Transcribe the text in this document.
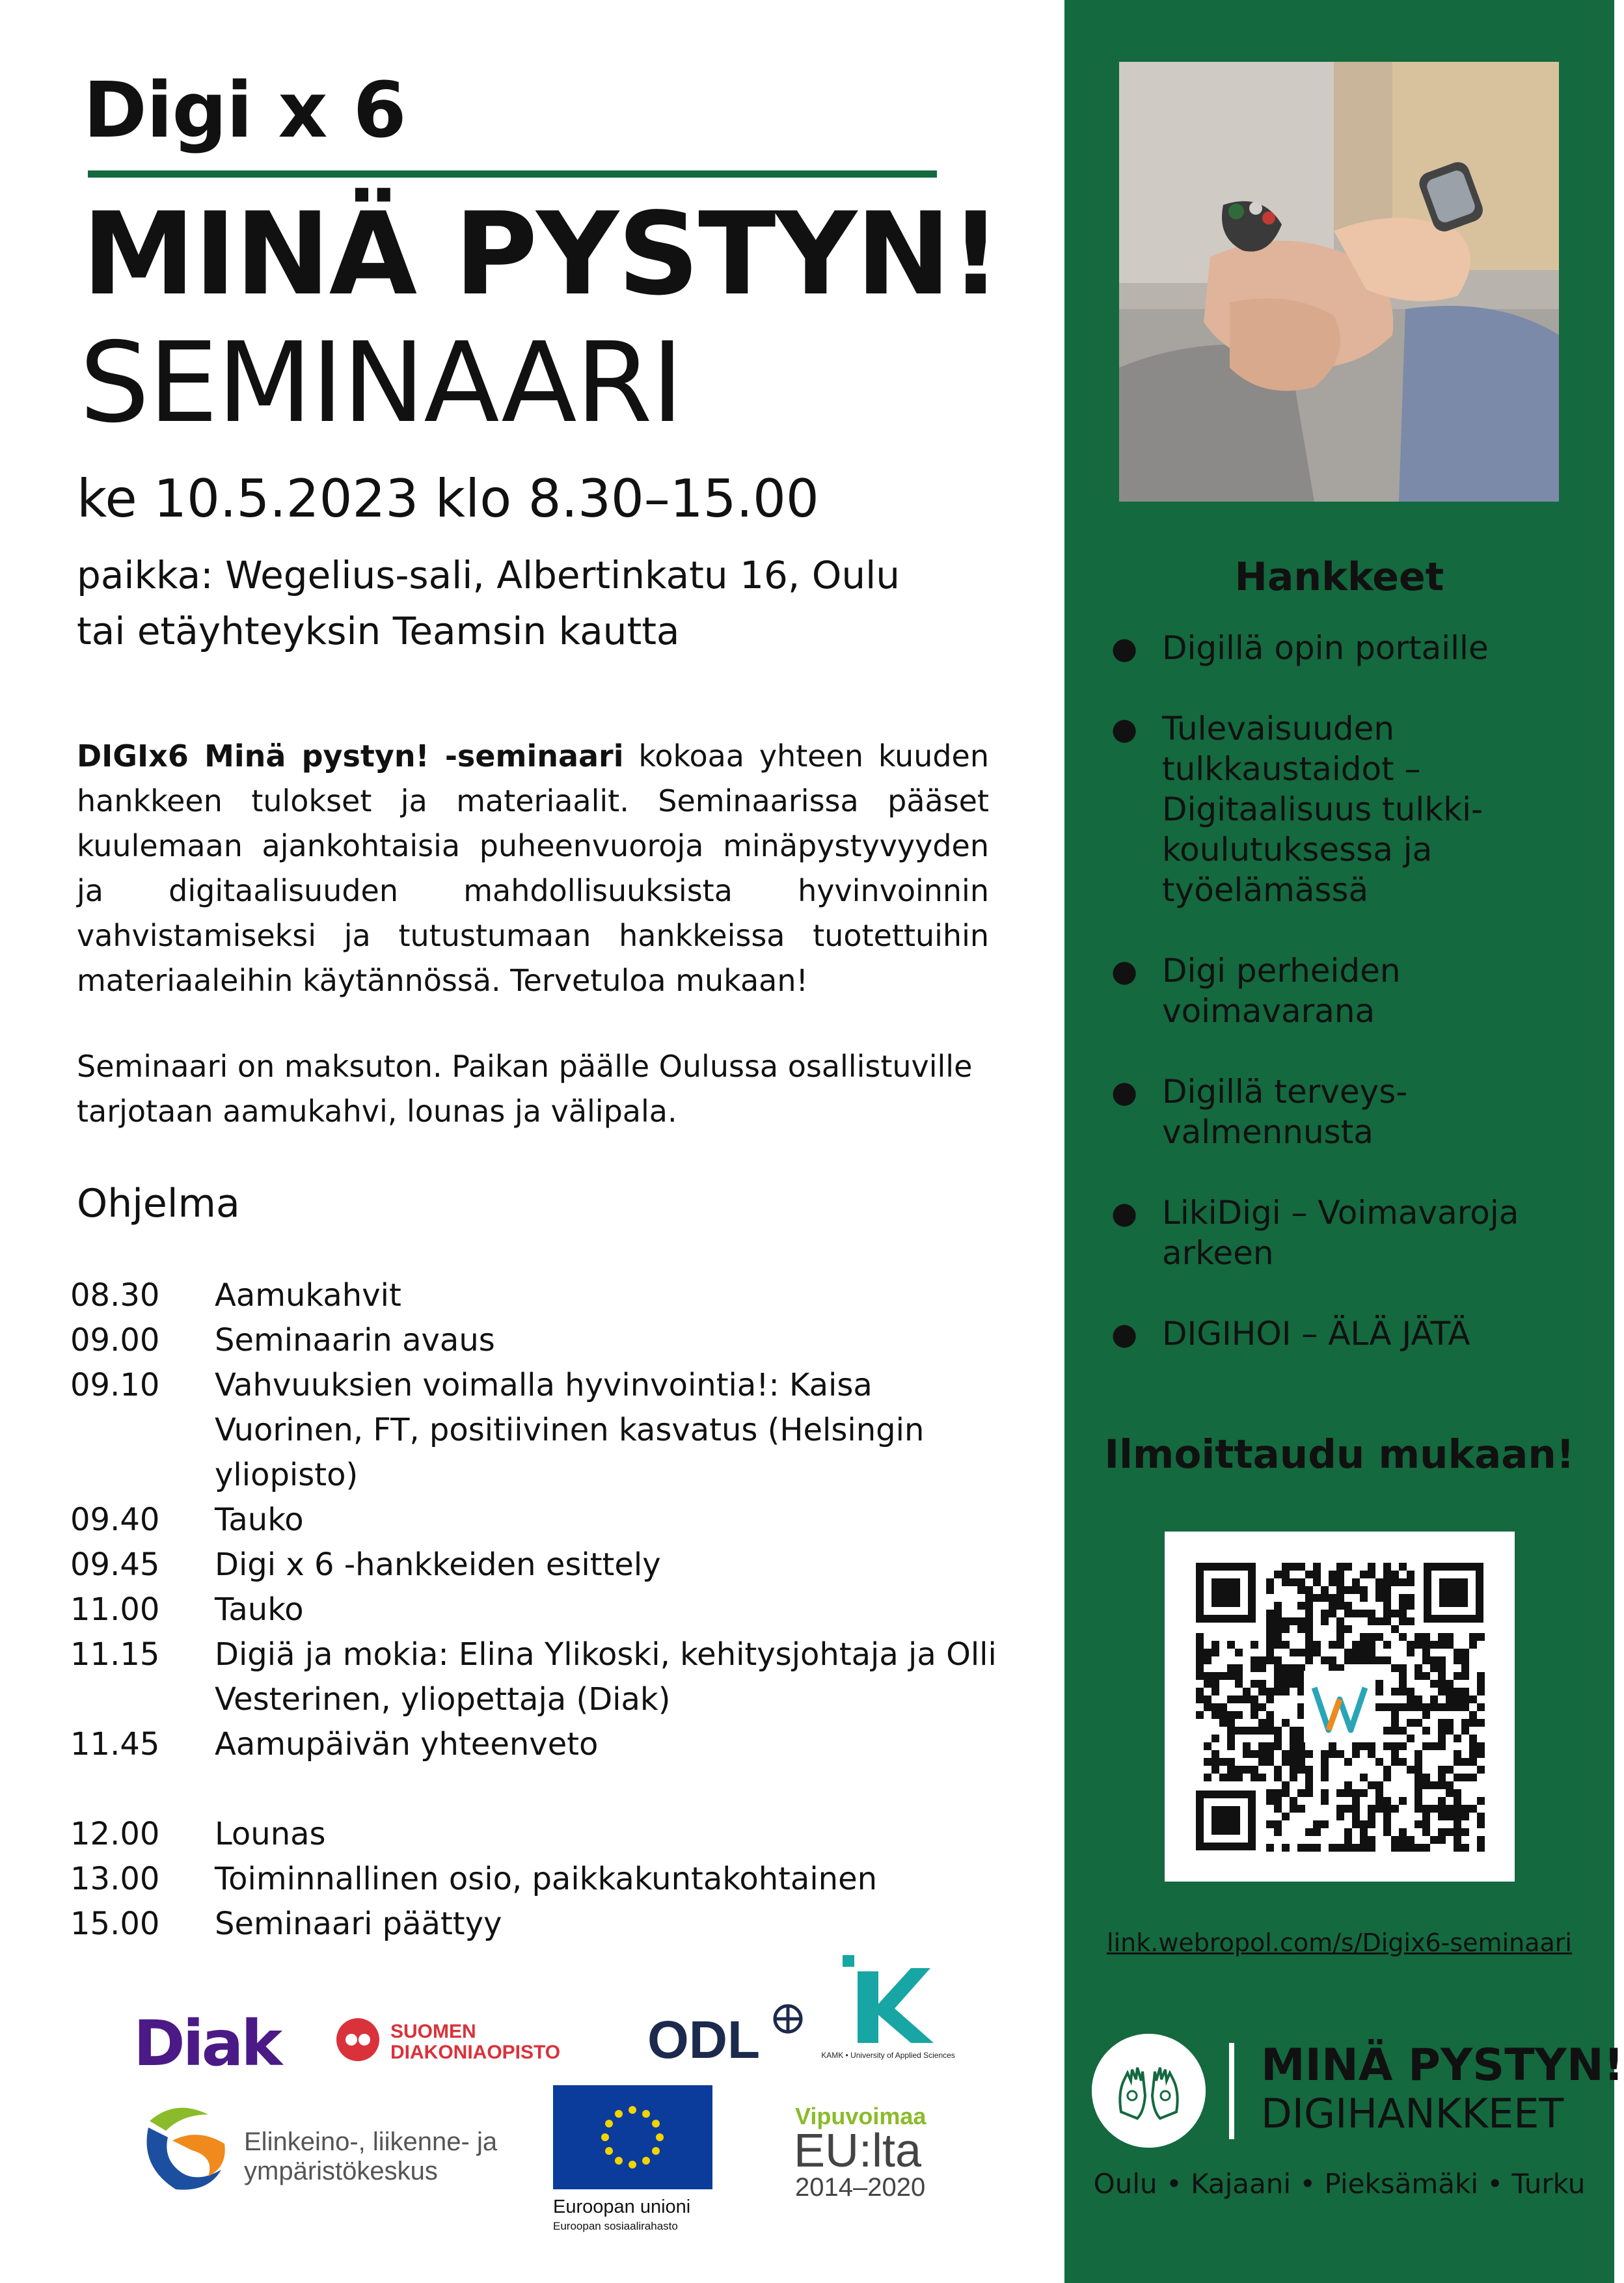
Digi x 6
MINÄ PYSTYN!
SEMINAARI
ke 10.5.2023 klo 8.30–15.00
paikka: Wegelius-sali, Albertinkatu 16, Oulu
tai etäyhteyksin Teamsin kautta
DIGIx6 Minä pystyn! -seminaari kokoaa yhteen kuuden hankkeen tulokset ja materiaalit. Seminaarissa pääset kuulemaan ajankohtaisia puheenvuoroja minäpystyvyyden ja digitaalisuuden mahdollisuuksista hyvinvoinnin vahvistamiseksi ja tutustumaan hankkeissa tuotettuihin materiaaleihin käytännössä. Tervetuloa mukaan!
Seminaari on maksuton. Paikan päälle Oulussa osallistuville tarjotaan aamukahvi, lounas ja välipala.
Ohjelma
08.30	Aamukahvit
09.00	Seminaarin avaus
09.10	Vahvuuksien voimalla hyvinvointia!: Kaisa Vuorinen, FT, positiivinen kasvatus (Helsingin yliopisto)
09.40	Tauko
09.45	Digi x 6 -hankkeiden esittely
11.00	Tauko
11.15	Digiä ja mokia: Elina Ylikoski, kehitysjohtaja ja Olli Vesterinen, yliopettaja (Diak)
11.45	Aamupäivän yhteenveto
12.00	Lounas
13.00	Toiminnallinen osio, paikkakuntakohtainen
15.00	Seminaari päättyy
Diak	SUOMEN
DIAKONIAOPISTO ODL	KAMK • University of Applied Sciences
Elinkeino-, liikenne- ja
ympäristökeskus
Euroopan unioni
Euroopan sosiaalirahasto
Vipuvoimaa
EU:lta
2014–2020
Hankkeet
● Digillä opin portaille
● Tulevaisuuden tulkkaustaidot – Digitaalisuus tulkki-koulutuksessa ja työelämässä
● Digi perheiden voimavarana
● Digillä terveys-valmennusta
● LikiDigi – Voimavaroja arkeen
● DIGIHOI – ÄLÄ JÄTÄ
Ilmoittaudu mukaan!
link.webropol.com/s/Digix6-seminaari
MINÄ PYSTYN!
DIGIHANKKEET
Oulu • Kajaani • Pieksämäki • Turku
